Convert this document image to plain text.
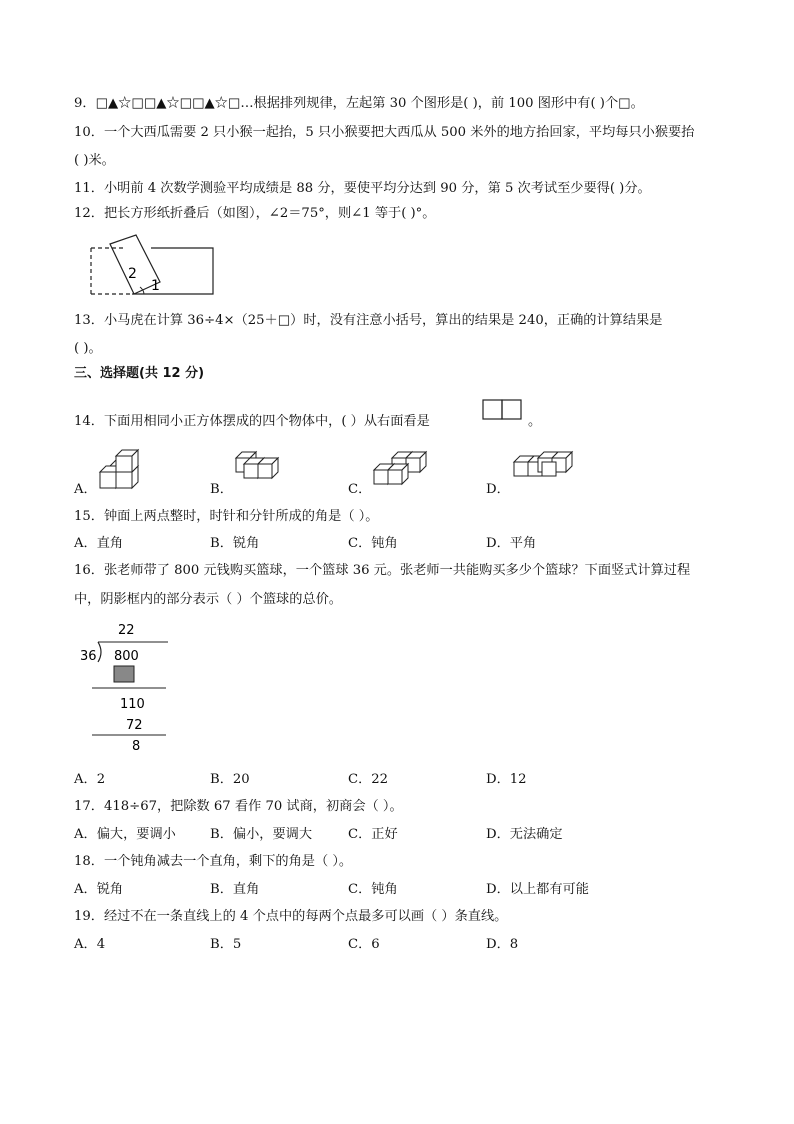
9．□▲☆□□▲☆□□▲☆□…根据排列规律，左起第 30 个图形是( )，前 100 图形中有( )个□。
10．一个大西瓜需要 2 只小猴一起抬，5 只小猴要把大西瓜从 500 米外的地方抬回家，平均每只小猴要抬
( )米。
11．小明前 4 次数学测验平均成绩是 88 分，要使平均分达到 90 分，第 5 次考试至少要得( )分。
12．把长方形纸折叠后（如图），∠2＝75°，则∠1 等于( )°。
2
1
13．小马虎在计算 36÷4×（25＋□）时，没有注意小括号，算出的结果是 240，正确的计算结果是
( )。
三、选择题(共 12 分)
14．下面用相同小正方体摆成的四个物体中，( ）从右面看是	。
A．	B．	C．	D．
15．钟面上两点整时，时针和分针所成的角是（ ）。
A．直角	B．锐角	C．钝角	D．平角
16．张老师带了 800 元钱购买篮球，一个篮球 36 元。张老师一共能购买多少个篮球？下面竖式计算过程
中，阴影框内的部分表示（ ）个篮球的总价。
22
36 800
110
72
8
A．2	B．20	C．22	D．12
17．418÷67，把除数 67 看作 70 试商，初商会（ ）。
A．偏大，要调小	B．偏小，要调大	C．正好	D．无法确定
18．一个钝角减去一个直角，剩下的角是（ ）。
A．锐角	B．直角	C．钝角	D．以上都有可能
19．经过不在一条直线上的 4 个点中的每两个点最多可以画（ ）条直线。
A．4	B．5	C．6	D．8
